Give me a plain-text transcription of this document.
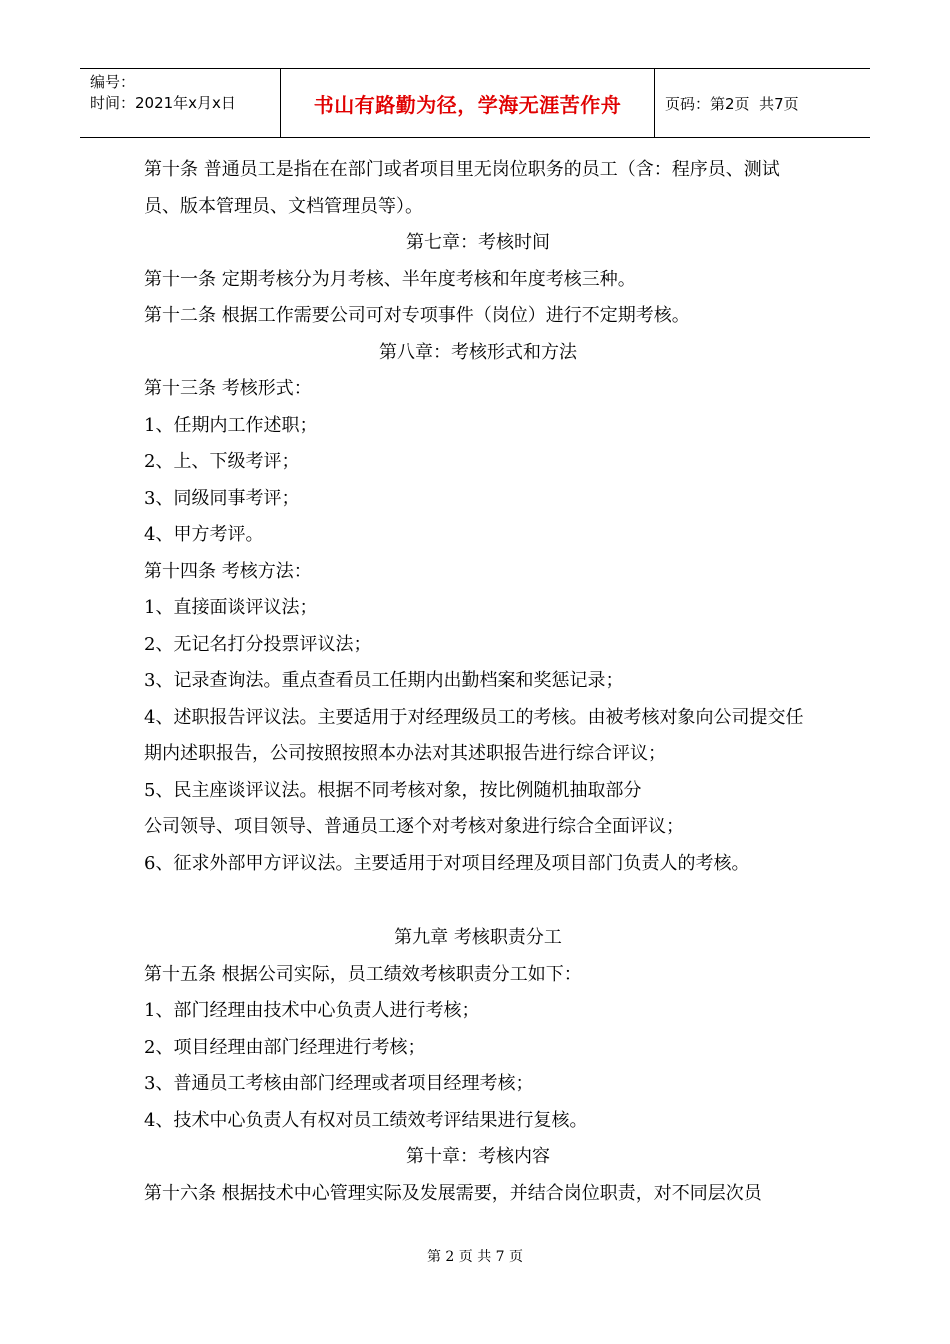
编号：
时间：2021年x月x日	书山有路勤为径，学海无涯苦作舟	页码：第2页  共7页
第十条 普通员工是指在在部门或者项目里无岗位职务的员工（含：程序员、测试员、版本管理员、文档管理员等）。
第七章：考核时间
第十一条 定期考核分为月考核、半年度考核和年度考核三种。
第十二条 根据工作需要公司可对专项事件（岗位）进行不定期考核。
第八章：考核形式和方法
第十三条 考核形式：
1、任期内工作述职；
2、上、下级考评；
3、同级同事考评；
4、甲方考评。
第十四条 考核方法：
1、直接面谈评议法；
2、无记名打分投票评议法；
3、记录查询法。重点查看员工任期内出勤档案和奖惩记录；
4、述职报告评议法。主要适用于对经理级员工的考核。由被考核对象向公司提交任期内述职报告，公司按照按照本办法对其述职报告进行综合评议；
5、民主座谈评议法。根据不同考核对象，按比例随机抽取部分
公司领导、项目领导、普通员工逐个对考核对象进行综合全面评议；
6、征求外部甲方评议法。主要适用于对项目经理及项目部门负责人的考核。
第九章 考核职责分工
第十五条 根据公司实际，员工绩效考核职责分工如下：
1、部门经理由技术中心负责人进行考核；
2、项目经理由部门经理进行考核；
3、普通员工考核由部门经理或者项目经理考核；
4、技术中心负责人有权对员工绩效考评结果进行复核。
第十章：考核内容
第十六条 根据技术中心管理实际及发展需要，并结合岗位职责，对不同层次员
第 2 页 共 7 页
